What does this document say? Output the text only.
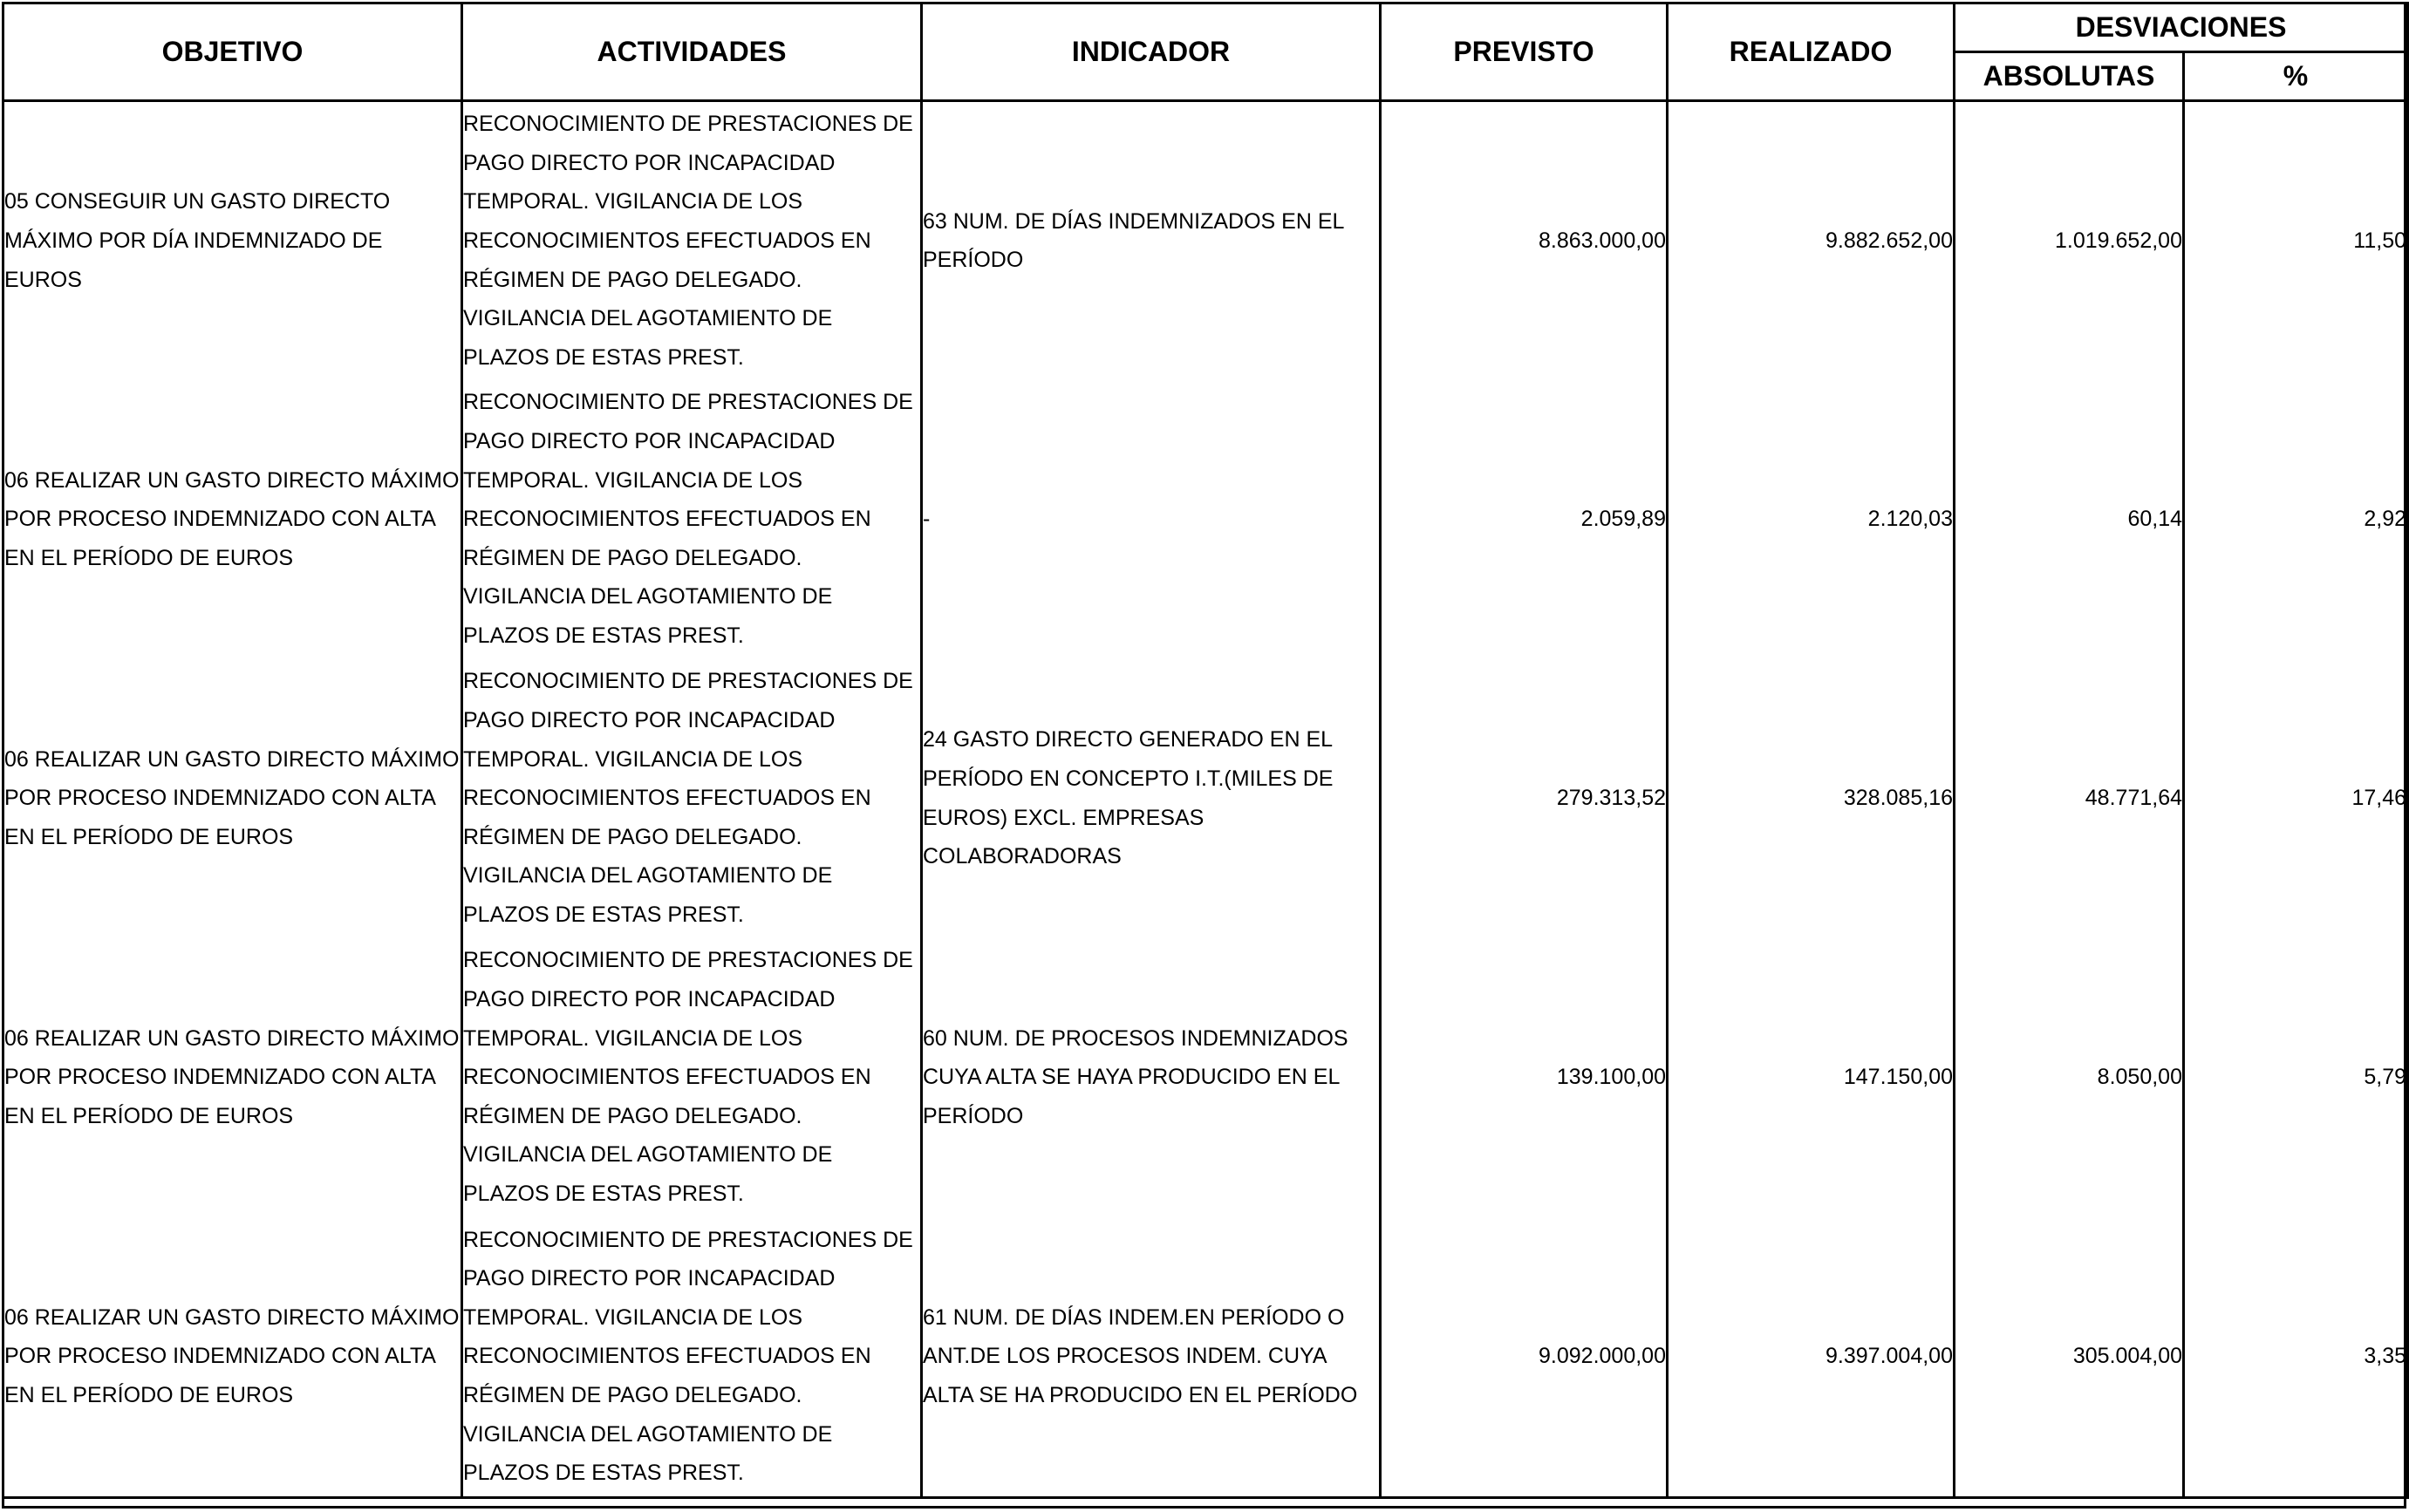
OBJETIVO	ACTIVIDADES	INDICADOR	PREVISTO	REALIZADO	DESVIACIONES	
					ABSOLUTAS	%
05 CONSEGUIR UN GASTO DIRECTO MÁXIMO POR DÍA INDEMNIZADO DE EUROS	RECONOCIMIENTO DE PRESTACIONES DE PAGO DIRECTO POR INCAPACIDAD TEMPORAL. VIGILANCIA DE LOS RECONOCIMIENTOS EFECTUADOS EN RÉGIMEN DE PAGO DELEGADO. VIGILANCIA DEL AGOTAMIENTO DE PLAZOS DE ESTAS PREST.	63 NUM. DE DÍAS INDEMNIZADOS EN EL PERÍODO	8.863.000,00	9.882.652,00	1.019.652,00	11,50
06 REALIZAR UN GASTO DIRECTO MÁXIMO POR PROCESO INDEMNIZADO CON ALTA EN EL PERÍODO DE EUROS	RECONOCIMIENTO DE PRESTACIONES DE PAGO DIRECTO POR INCAPACIDAD TEMPORAL. VIGILANCIA DE LOS RECONOCIMIENTOS EFECTUADOS EN RÉGIMEN DE PAGO DELEGADO. VIGILANCIA DEL AGOTAMIENTO DE PLAZOS DE ESTAS PREST.	-	2.059,89	2.120,03	60,14	2,92
06 REALIZAR UN GASTO DIRECTO MÁXIMO POR PROCESO INDEMNIZADO CON ALTA EN EL PERÍODO DE EUROS	RECONOCIMIENTO DE PRESTACIONES DE PAGO DIRECTO POR INCAPACIDAD TEMPORAL. VIGILANCIA DE LOS RECONOCIMIENTOS EFECTUADOS EN RÉGIMEN DE PAGO DELEGADO. VIGILANCIA DEL AGOTAMIENTO DE PLAZOS DE ESTAS PREST.	24 GASTO DIRECTO GENERADO EN EL PERÍODO EN CONCEPTO I.T.(MILES DE EUROS) EXCL. EMPRESAS COLABORADORAS	279.313,52	328.085,16	48.771,64	17,46
06 REALIZAR UN GASTO DIRECTO MÁXIMO POR PROCESO INDEMNIZADO CON ALTA EN EL PERÍODO DE EUROS	RECONOCIMIENTO DE PRESTACIONES DE PAGO DIRECTO POR INCAPACIDAD TEMPORAL. VIGILANCIA DE LOS RECONOCIMIENTOS EFECTUADOS EN RÉGIMEN DE PAGO DELEGADO. VIGILANCIA DEL AGOTAMIENTO DE PLAZOS DE ESTAS PREST.	60 NUM. DE PROCESOS INDEMNIZADOS CUYA ALTA SE HAYA PRODUCIDO EN EL PERÍODO	139.100,00	147.150,00	8.050,00	5,79
06 REALIZAR UN GASTO DIRECTO MÁXIMO POR PROCESO INDEMNIZADO CON ALTA EN EL PERÍODO DE EUROS	RECONOCIMIENTO DE PRESTACIONES DE PAGO DIRECTO POR INCAPACIDAD TEMPORAL. VIGILANCIA DE LOS RECONOCIMIENTOS EFECTUADOS EN RÉGIMEN DE PAGO DELEGADO. VIGILANCIA DEL AGOTAMIENTO DE PLAZOS DE ESTAS PREST.	61 NUM. DE DÍAS INDEM.EN PERÍODO O ANT.DE LOS PROCESOS INDEM. CUYA ALTA SE HA PRODUCIDO EN EL PERÍODO	9.092.000,00	9.397.004,00	305.004,00	3,35
